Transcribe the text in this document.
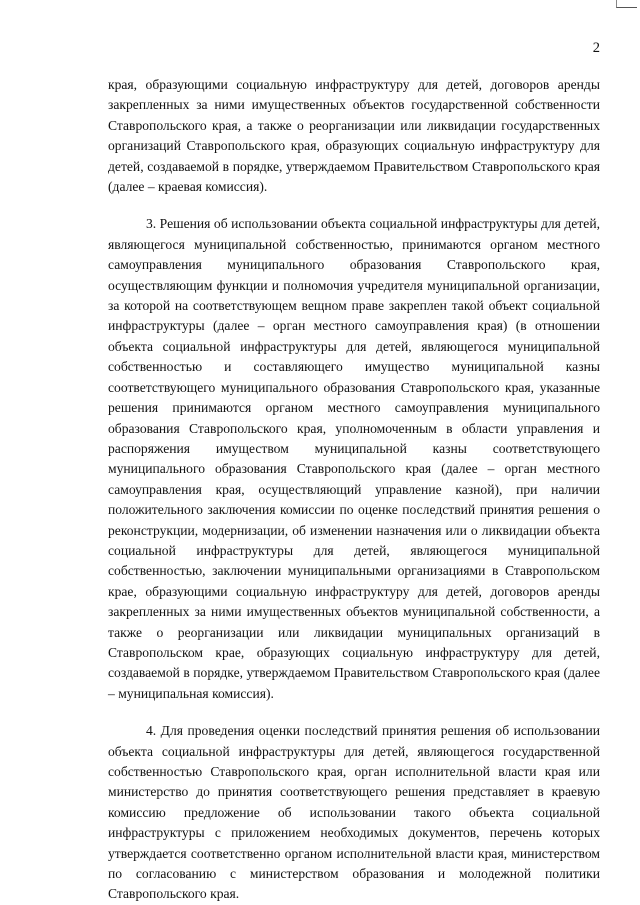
2

края, образующими социальную инфраструктуру для детей, договоров аренды закрепленных за ними имущественных объектов государственной собственности Ставропольского края, а также о реорганизации или ликвидации государственных организаций Ставропольского края, образующих социальную инфраструктуру для детей, создаваемой в порядке, утверждаемом Правительством Ставропольского края (далее – краевая комиссия).

3. Решения об использовании объекта социальной инфраструктуры для детей, являющегося муниципальной собственностью, принимаются органом местного самоуправления муниципального образования Ставропольского края, осуществляющим функции и полномочия учредителя муниципальной организации, за которой на соответствующем вещном праве закреплен такой объект социальной инфраструктуры (далее – орган местного самоуправления края) (в отношении объекта социальной инфраструктуры для детей, являющегося муниципальной собственностью и составляющего имущество муниципальной казны соответствующего муниципального образования Ставропольского края, указанные решения принимаются органом местного самоуправления муниципального образования Ставропольского края, уполномоченным в области управления и распоряжения имуществом муниципальной казны соответствующего муниципального образования Ставропольского края (далее – орган местного самоуправления края, осуществляющий управление казной), при наличии положительного заключения комиссии по оценке последствий принятия решения о реконструкции, модернизации, об изменении назначения или о ликвидации объекта социальной инфраструктуры для детей, являющегося муниципальной собственностью, заключении муниципальными организациями в Ставропольском крае, образующими социальную инфраструктуру для детей, договоров аренды закрепленных за ними имущественных объектов муниципальной собственности, а также о реорганизации или ликвидации муниципальных организаций в Ставропольском крае, образующих социальную инфраструктуру для детей, создаваемой в порядке, утверждаемом Правительством Ставропольского края (далее – муниципальная комиссия).

4. Для проведения оценки последствий принятия решения об использовании объекта социальной инфраструктуры для детей, являющегося государственной собственностью Ставропольского края, орган исполнительной власти края или министерство до принятия соответствующего решения представляет в краевую комиссию предложение об использовании такого объекта социальной инфраструктуры с приложением необходимых документов, перечень которых утверждается соответственно органом исполнительной власти края, министерством по согласованию с министерством образования и молодежной политики Ставропольского края.
